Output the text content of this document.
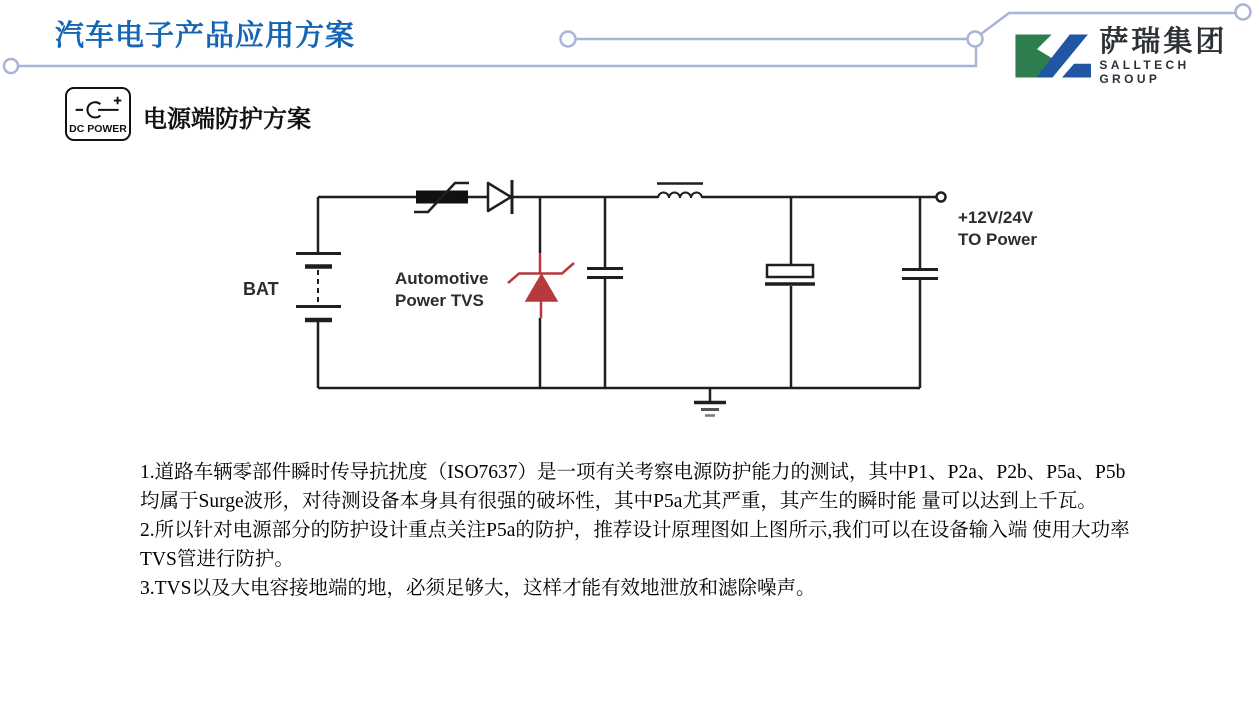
汽车电子产品应用方案	萨瑞集团
SALLTECH GROUP
DC POWER 电源端防护方案
BAT
Automotive
Power TVS
+12V/24V
TO Power

1.道路车辆零部件瞬时传导抗扰度（ISO7637）是一项有关考察电源防护能力的测试，其中P1、P2a、P2b、P5a、P5b均属于Surge波形，对待测设备本身具有很强的破坏性，其中P5a尤其严重，其产生的瞬时能 量可以达到上千瓦。

2.所以针对电源部分的防护设计重点关注P5a的防护，推荐设计原理图如上图所示,我们可以在设备输入端 使用大功率TVS管进行防护。

3.TVS以及大电容接地端的地，必须足够大，这样才能有效地泄放和滤除噪声。
